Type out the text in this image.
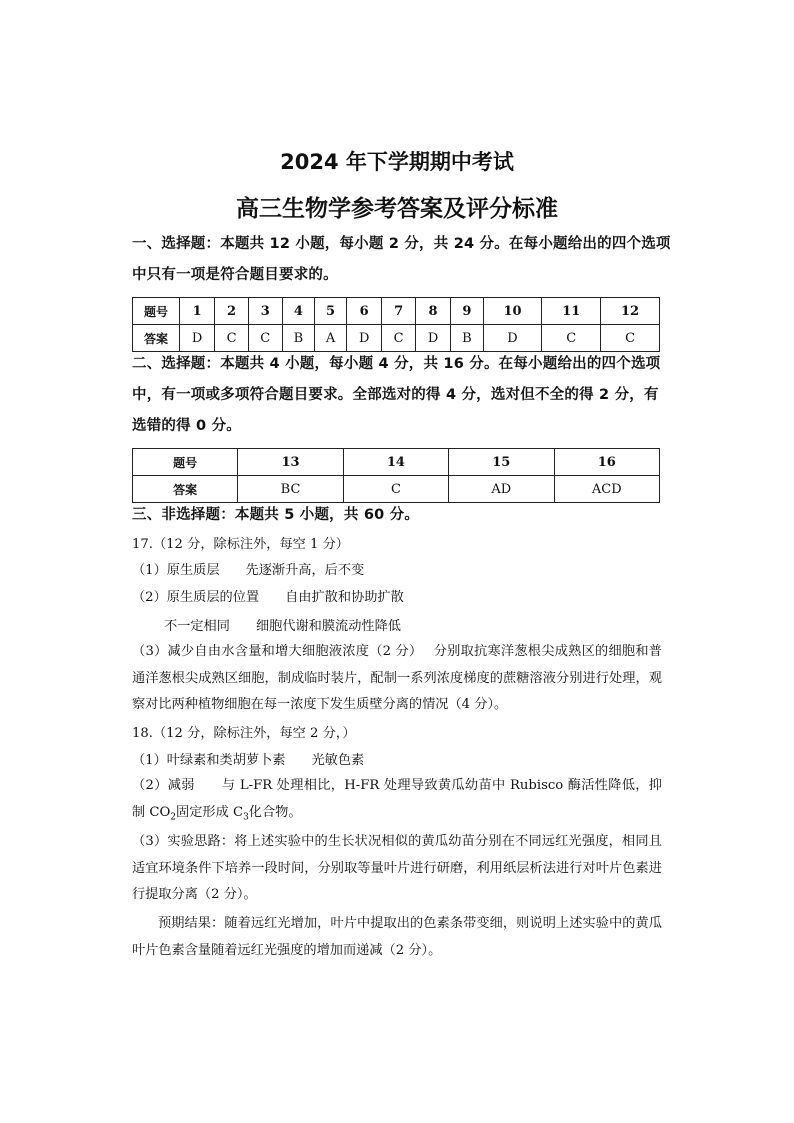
2024 年下学期期中考试
高三生物学参考答案及评分标准
一、选择题：本题共 12 小题，每小题 2 分，共 24 分。在每小题给出的四个选项中只有一项是符合题目要求的。
题号	1	2	3	4	5	6	7	8	9	10	11	12
答案	D	C	C	B	A	D	C	D	B	D	C	C
二、选择题：本题共 4 小题，每小题 4 分，共 16 分。在每小题给出的四个选项中，有一项或多项符合题目要求。全部选对的得 4 分，选对但不全的得 2 分，有选错的得 0 分。
题号	13	14	15	16
答案	BC	C	AD	ACD
三、非选择题：本题共 5 小题，共 60 分。
17.（12 分，除标注外，每空 1 分）
（1）原生质层 先逐渐升高，后不变
（2）原生质层的位置 自由扩散和协助扩散
不一定相同 细胞代谢和膜流动性降低
（3）减少自由水含量和增大细胞液浓度（2 分）　 分别取抗寒洋葱根尖成熟区的细胞和普通洋葱根尖成熟区细胞，制成临时装片，配制一系列浓度梯度的蔗糖溶液分别进行处理，观察对比两种植物细胞在每一浓度下发生质壁分离的情况（4 分）。
18.（12 分，除标注外，每空 2 分，）
（1）叶绿素和类胡萝卜素 光敏色素
（2）减弱　　与 L-FR 处理相比，H-FR 处理导致黄瓜幼苗中 Rubisco 酶活性降低，抑制 $CO_2$固定形成 $C_3$化合物。
（3）实验思路：将上述实验中的生长状况相似的黄瓜幼苗分别在不同远红光强度，相同且适宜环境条件下培养一段时间，分别取等量叶片进行研磨，利用纸层析法进行对叶片色素进行提取分离（2 分）。
预期结果：随着远红光增加，叶片中提取出的色素条带变细，则说明上述实验中的黄瓜叶片色素含量随着远红光强度的增加而递减（2 分）。
